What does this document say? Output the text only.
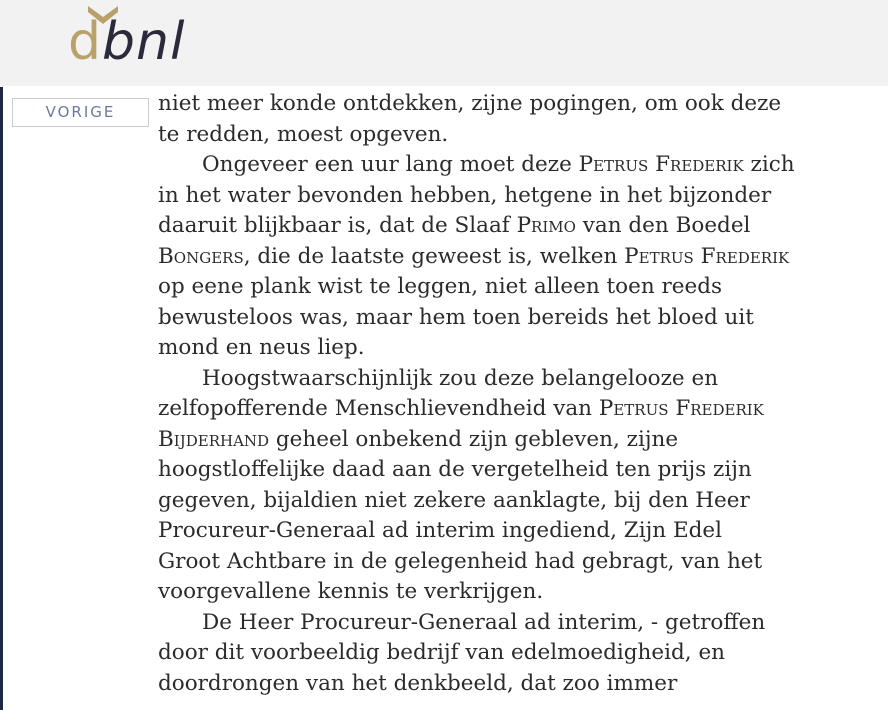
d bnl
VORIGE	niet meer konde ontdekken, zijne pogingen, om ook deze
te redden, moest opgeven.
Ongeveer een uur lang moet deze Petrus Frederik zich
in het water bevonden hebben, hetgene in het bijzonder
daaruit blijkbaar is, dat de Slaaf Primo van den Boedel
Bongers, die de laatste geweest is, welken Petrus Frederik
op eene plank wist te leggen, niet alleen toen reeds
bewusteloos was, maar hem toen bereids het bloed uit
mond en neus liep.
Hoogstwaarschijnlijk zou deze belangelooze en
zelfopofferende Menschlievendheid van Petrus Frederik
Bijderhand geheel onbekend zijn gebleven, zijne
hoogstloffelijke daad aan de vergetelheid ten prijs zijn
gegeven, bijaldien niet zekere aanklagte, bij den Heer
Procureur-Generaal ad interim ingediend, Zijn Edel
Groot Achtbare in de gelegenheid had gebragt, van het
voorgevallene kennis te verkrijgen.
De Heer Procureur-Generaal ad interim, - getroffen
door dit voorbeeldig bedrijf van edelmoedigheid, en
doordrongen van het denkbeeld, dat zoo immer
